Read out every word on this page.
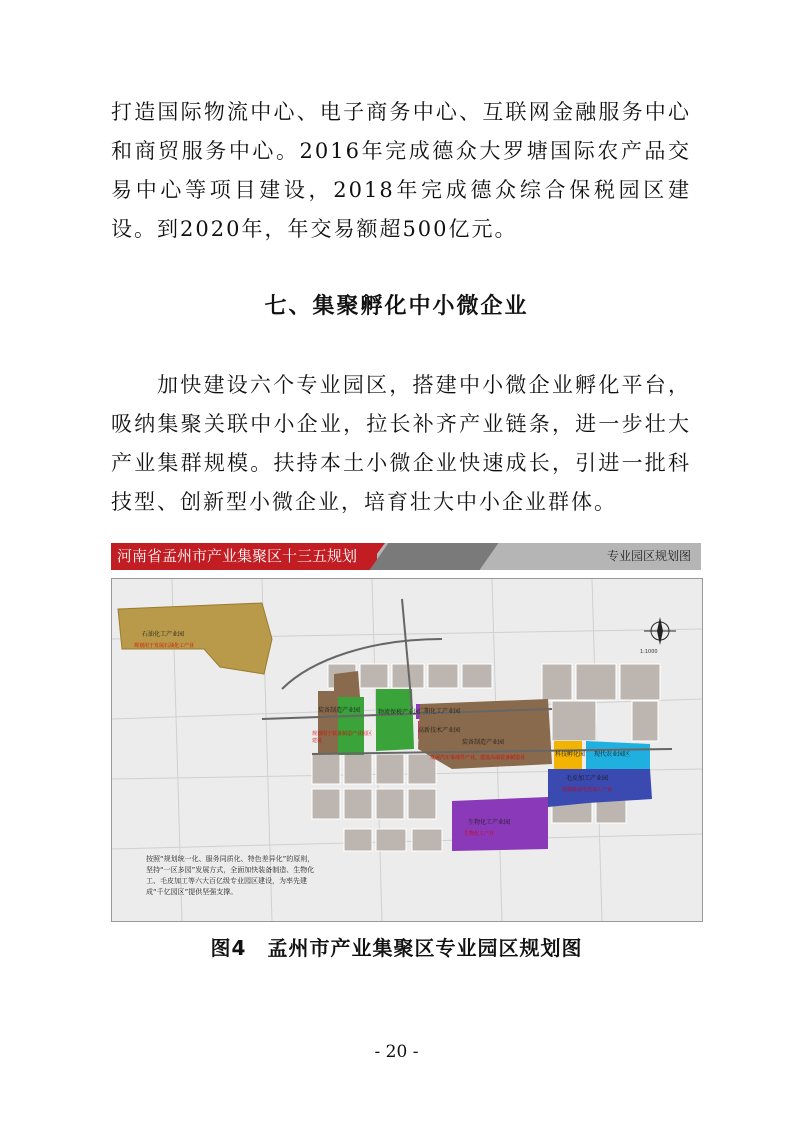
打造国际物流中心、电子商务中心、互联网金融服务中心和商贸服务中心。2016年完成德众大罗塘国际农产品交易中心等项目建设，2018年完成德众综合保税园区建设。到2020年，年交易额超500亿元。

七、集聚孵化中小微企业

加快建设六个专业园区，搭建中小微企业孵化平台，吸纳集聚关联中小企业，拉长补齐产业链条，进一步壮大产业集群规模。扶持本土小微企业快速成长，引进一批科技型、创新型小微企业，培育壮大中小企业群体。

河南省孟州市产业集聚区十三五规划	专业园区规划图
1:1000
石油化工产业园
规划用于发展石油化工产业
装备制造产业园	物流保税产业园
二期化工产业园
高新技术产业园
装备制造产业园
科技孵化园 现代农业园区
毛皮加工产业园
生物化工产业园
规划用于装备制造产业园区建设
发展汽车零部件产业，建设高端装备制造业
规划发展毛皮加工产业
生物化工产业
按照“规划统一化、服务同质化、特色差异化”的原则，坚持“一区多园”发展方式，全面加快装备制造、生物化工、毛皮加工等六大百亿级专业园区建设，为率先建成“千亿园区”提供坚强支撑。
图4　孟州市产业集聚区专业园区规划图
- 20 -
